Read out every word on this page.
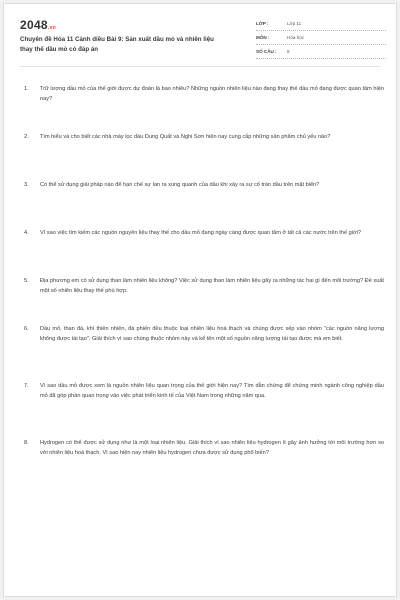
2048.vn
Chuyên đề Hóa 11 Cánh diều Bài 9: Sản xuất dầu mỏ và nhiên liệu thay thế dầu mỏ có đáp án
LỚP :	Lớp 11
MÔN :	Hóa học
SỐ CÂU :	8
1.	Trữ lượng dầu mỏ của thế giới được dự đoán là bao nhiêu? Những nguồn nhiên liệu nào đang thay thế dầu mỏ đang được quan tâm hiện nay?
2.	Tìm hiểu và cho biết các nhà máy lọc dầu Dung Quất và Nghi Sơn hiện nay cung cấp những sản phẩm chủ yếu nào?
3.	Có thể sử dụng giải pháp nào để hạn chế sự lan ra xung quanh của dầu khi xảy ra sự cố tràn dầu trên mặt biển?
4.	Vì sao việc tìm kiếm các nguồn nguyên liệu thay thế cho dầu mỏ đang ngày càng được quan tâm ở tất cả các nước trên thế giới?
5.	Địa phương em có sử dụng than làm nhiên liệu không? Việc sử dụng than làm nhiên liệu gây ra những tác hại gì đến môi trường? Đề xuất một số nhiên liệu thay thế phù hợp.
6.	Dầu mỏ, than đá, khí thiên nhiên, đá phiến đều thuộc loại nhiên liệu hoá thạch và chúng được xếp vào nhóm "các nguồn năng lượng không được tái tạo". Giải thích vì sao chúng thuộc nhóm này và kể tên một số nguồn năng lượng tái tạo được mà em biết.
7.	Vì sao dầu mỏ được xem là nguồn nhiên liệu quan trọng của thế giới hiện nay? Tìm dẫn chứng để chứng minh ngành công nghiệp dầu mỏ đã góp phần quan trọng vào việc phát triển kinh tế của Việt Nam trong những năm qua.
8.	Hydrogen có thể được sử dụng như là một loại nhiên liệu. Giải thích vì sao nhiên liệu hydrogen ít gây ảnh hưởng tới môi trường hơn so với nhiên liệu hoá thạch. Vì sao hiện nay nhiên liệu hydrogen chưa được sử dụng phổ biến?
